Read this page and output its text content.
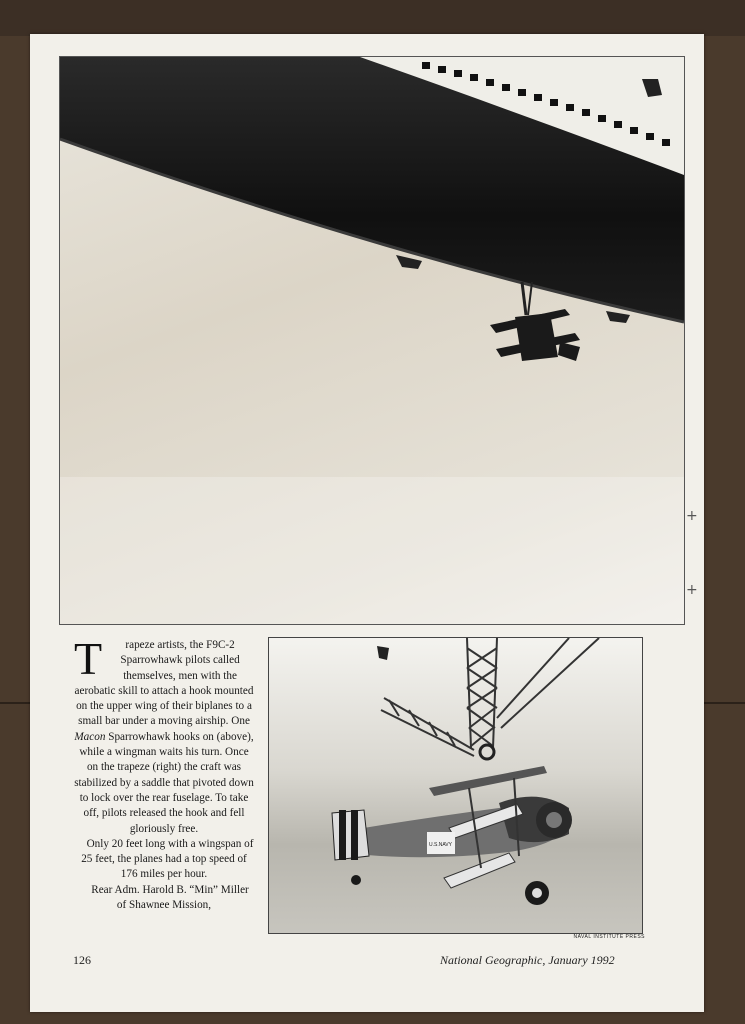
T rapeze artists, the F9C-2 Sparrowhawk pilots called themselves, men with the aerobatic skill to attach a hook mounted on the upper wing of their biplanes to a small bar under a moving airship. One Macon Sparrowhawk hooks on (above), while a wingman waits his turn. Once on the trapeze (right) the craft was stabilized by a saddle that pivoted down to lock over the rear fuselage. To take off, pilots released the hook and fell gloriously free.

Only 20 feet long with a wingspan of 25 feet, the planes had a top speed of 176 miles per hour.

Rear Adm. Harold B. “Min” Miller of Shawnee Mission,

U.S.NAVY
NAVAL INSTITUTE PRESS
126	National Geographic, January 1992
+
+
